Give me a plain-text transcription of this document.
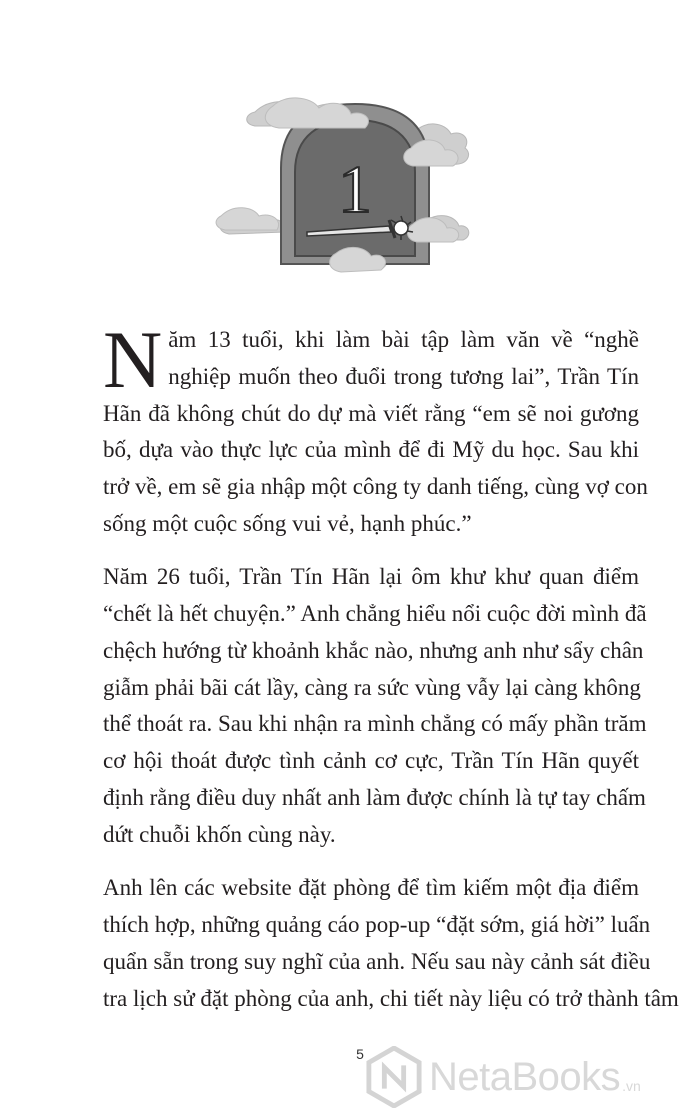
1
N ăm 13 tuổi, khi làm bài tập làm văn về “nghề
nghiệp muốn theo đuổi trong tương lai”, Trần Tín
Hãn đã không chút do dự mà viết rằng “em sẽ noi gương
bố, dựa vào thực lực của mình để đi Mỹ du học. Sau khi
trở về, em sẽ gia nhập một công ty danh tiếng, cùng vợ con
sống một cuộc sống vui vẻ, hạnh phúc.”
Năm 26 tuổi, Trần Tín Hãn lại ôm khư khư quan điểm
“chết là hết chuyện.” Anh chẳng hiểu nổi cuộc đời mình đã
chệch hướng từ khoảnh khắc nào, nhưng anh như sẩy chân
giẫm phải bãi cát lầy, càng ra sức vùng vẫy lại càng không
thể thoát ra. Sau khi nhận ra mình chẳng có mấy phần trăm
cơ hội thoát được tình cảnh cơ cực, Trần Tín Hãn quyết
định rằng điều duy nhất anh làm được chính là tự tay chấm
dứt chuỗi khốn cùng này.
Anh lên các website đặt phòng để tìm kiếm một địa điểm
thích hợp, những quảng cáo pop-up “đặt sớm, giá hời” luẩn
quẩn sẵn trong suy nghĩ của anh. Nếu sau này cảnh sát điều
tra lịch sử đặt phòng của anh, chi tiết này liệu có trở thành tâm
5
NetaBooks .vn
